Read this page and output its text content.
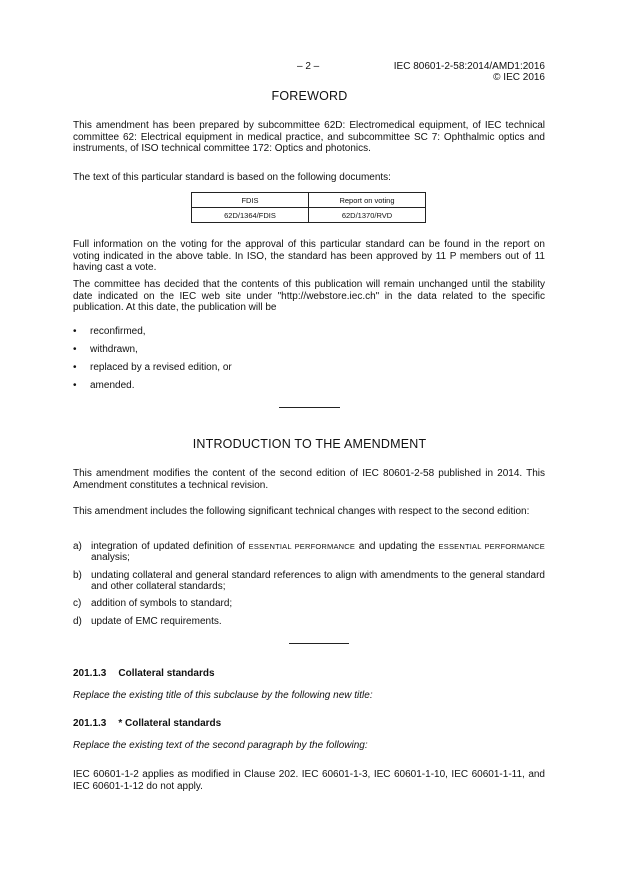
– 2 –	IEC 80601-2-58:2014/AMD1:2016
© IEC 2016
FOREWORD
This amendment has been prepared by subcommittee 62D: Electromedical equipment, of IEC technical committee 62: Electrical equipment in medical practice, and subcommittee SC 7: Ophthalmic optics and instruments, of ISO technical committee 172: Optics and photonics.
The text of this particular standard is based on the following documents:
FDIS	Report on voting
62D/1364/FDIS	62D/1370/RVD
Full information on the voting for the approval of this particular standard can be found in the report on voting indicated in the above table. In ISO, the standard has been approved by 11 P members out of 11 having cast a vote.
The committee has decided that the contents of this publication will remain unchanged until the stability date indicated on the IEC web site under "http://webstore.iec.ch" in the data related to the specific publication. At this date, the publication will be
• reconfirmed,
• withdrawn,
• replaced by a revised edition, or
• amended.
INTRODUCTION TO THE AMENDMENT
This amendment modifies the content of the second edition of IEC 80601-2-58 published in 2014. This Amendment constitutes a technical revision.
This amendment includes the following significant technical changes with respect to the second edition:
a) integration of updated definition of ESSENTIAL PERFORMANCE and updating the ESSENTIAL PERFORMANCE analysis;
b) undating collateral and general standard references to align with amendments to the general standard and other collateral standards;
c) addition of symbols to standard;
d) update of EMC requirements.
201.1.3 Collateral standards
Replace the existing title of this subclause by the following new title:
201.1.3 * Collateral standards
Replace the existing text of the second paragraph by the following:
IEC 60601-1-2 applies as modified in Clause 202. IEC 60601-1-3, IEC 60601-1-10, IEC 60601-1-11, and IEC 60601-1-12 do not apply.
